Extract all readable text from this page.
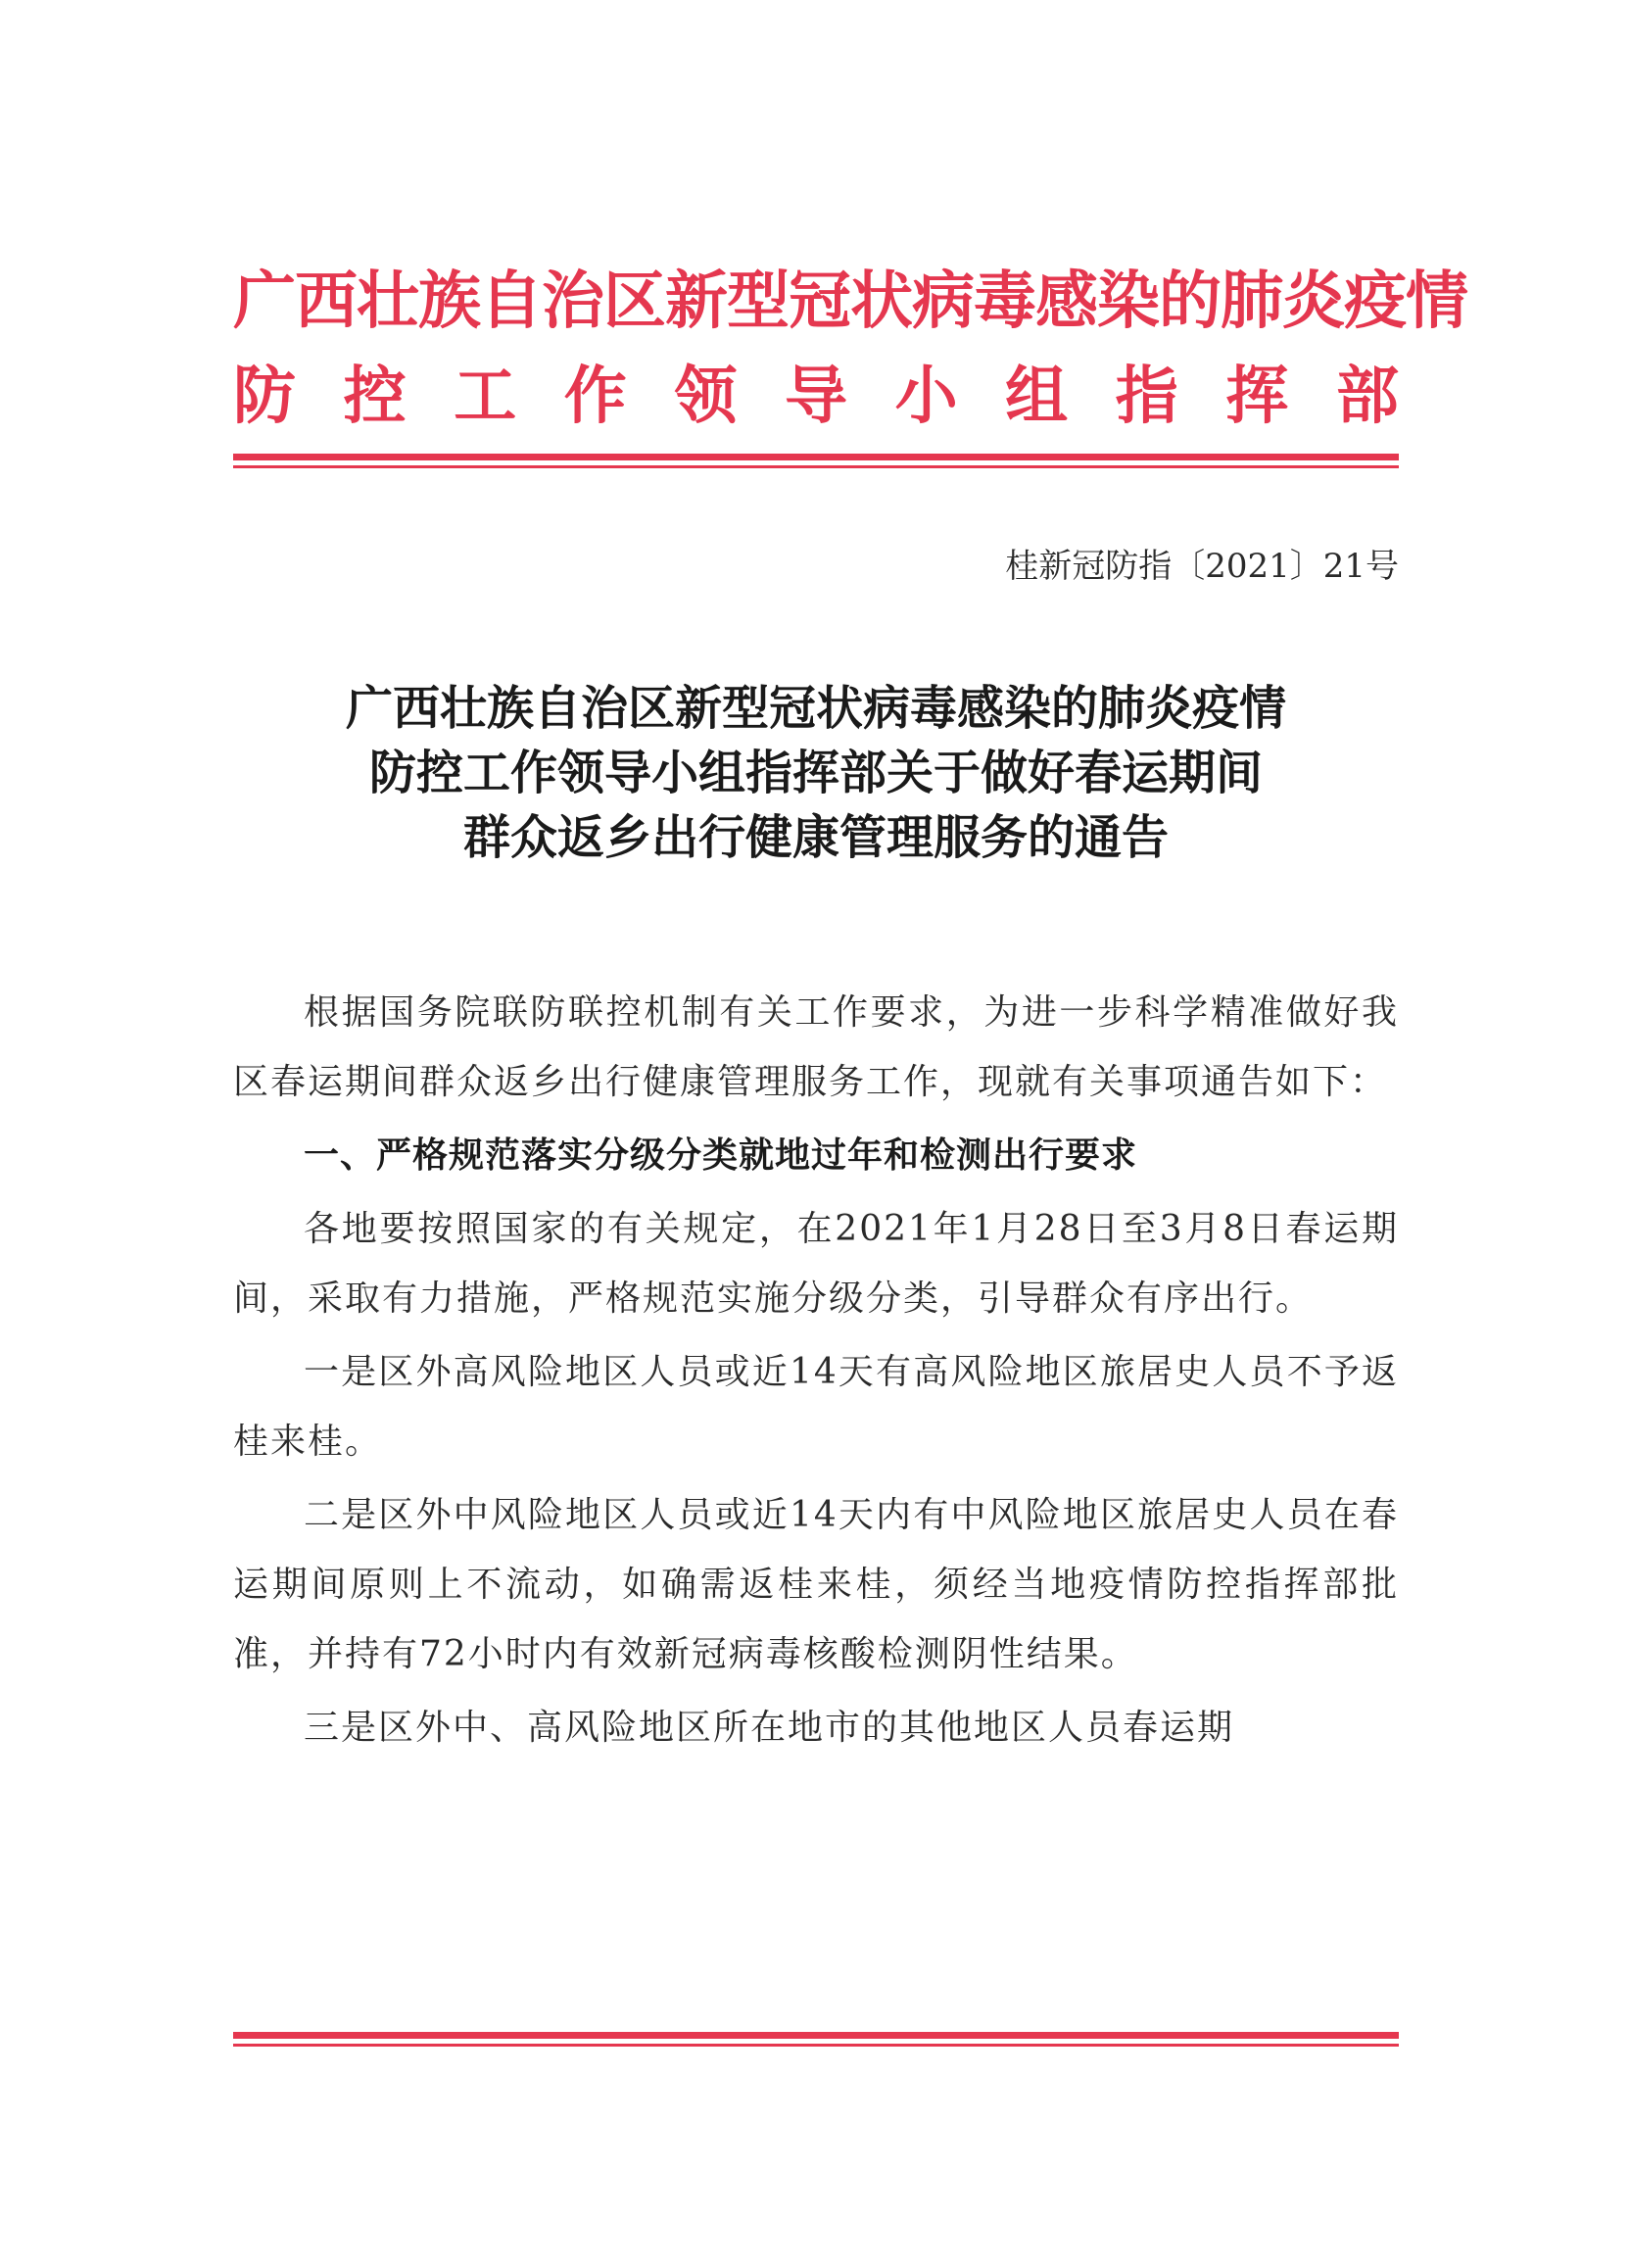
广西壮族自治区新型冠状病毒感染的肺炎疫情
防 控 工 作 领 导 小 组 指 挥 部
桂新冠防指〔2021〕21号
广西壮族自治区新型冠状病毒感染的肺炎疫情
防控工作领导小组指挥部关于做好春运期间
群众返乡出行健康管理服务的通告

根据国务院联防联控机制有关工作要求，为进一步科学精准做好我区春运期间群众返乡出行健康管理服务工作，现就有关事项通告如下：

一、严格规范落实分级分类就地过年和检测出行要求

各地要按照国家的有关规定，在2021年1月28日至3月8日春运期间，采取有力措施，严格规范实施分级分类，引导群众有序出行。

一是区外高风险地区人员或近14天有高风险地区旅居史人员不予返桂来桂。

二是区外中风险地区人员或近14天内有中风险地区旅居史人员在春运期间原则上不流动，如确需返桂来桂，须经当地疫情防控指挥部批准，并持有72小时内有效新冠病毒核酸检测阴性结果。

三是区外中、高风险地区所在地市的其他地区人员春运期
